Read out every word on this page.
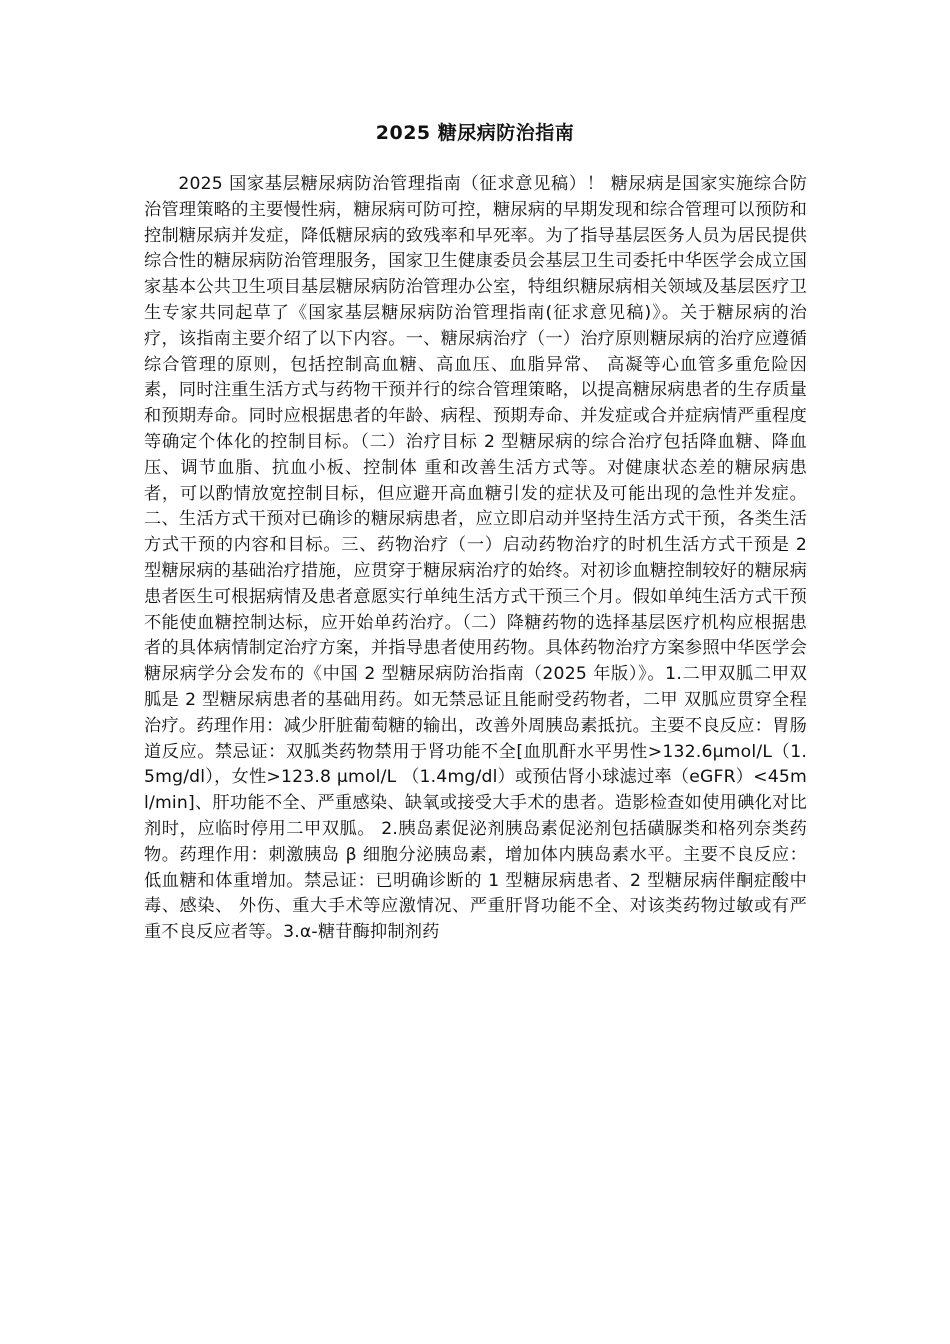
2025 糖尿病防治指南
2025 国家基层糖尿病防治管理指南（征求意见稿）！ 糖尿病是国家实施综合防治管理策略的主要慢性病，糖尿病可防可控，糖尿病的早期发现和综合管理可以预防和控制糖尿病并发症，降低糖尿病的致残率和早死率。为了指导基层医务人员为居民提供综合性的糖尿病防治管理服务，国家卫生健康委员会基层卫生司委托中华医学会成立国家基本公共卫生项目基层糖尿病防治管理办公室，特组织糖尿病相关领域及基层医疗卫生专家共同起草了《国家基层糖尿病防治管理指南(征求意见稿)》。关于糖尿病的治疗，该指南主要介绍了以下内容。一、糖尿病治疗（一）治疗原则糖尿病的治疗应遵循综合管理的原则，包括控制高血糖、高血压、血脂异常、 高凝等心血管多重危险因素，同时注重生活方式与药物干预并行的综合管理策略，以提高糖尿病患者的生存质量和预期寿命。同时应根据患者的年龄、病程、预期寿命、并发症或合并症病情严重程度等确定个体化的控制目标。（二）治疗目标 2 型糖尿病的综合治疗包括降血糖、降血压、调节血脂、抗血小板、控制体 重和改善生活方式等。对健康状态差的糖尿病患者，可以酌情放宽控制目标，但应避开高血糖引发的症状及可能出现的急性并发症。二、生活方式干预对已确诊的糖尿病患者，应立即启动并坚持生活方式干预，各类生活方式干预的内容和目标。三、药物治疗（一）启动药物治疗的时机生活方式干预是 2 型糖尿病的基础治疗措施，应贯穿于糖尿病治疗的始终。对初诊血糖控制较好的糖尿病患者医生可根据病情及患者意愿实行单纯生活方式干预三个月。假如单纯生活方式干预不能使血糖控制达标，应开始单药治疗。（二）降糖药物的选择基层医疗机构应根据患者的具体病情制定治疗方案，并指导患者使用药物。具体药物治疗方案参照中华医学会糖尿病学分会发布的《中国 2 型糖尿病防治指南（2025 年版）》。1.二甲双胍二甲双胍是 2 型糖尿病患者的基础用药。如无禁忌证且能耐受药物者，二甲 双胍应贯穿全程治疗。药理作用：减少肝脏葡萄糖的输出，改善外周胰岛素抵抗。主要不良反应：胃肠道反应。禁忌证：双胍类药物禁用于肾功能不全[血肌酐水平男性>132.6μmol/L（1.5mg/dl），女性>123.8 μmol/L （1.4mg/dl）或预估肾小球滤过率（eGFR）<45ml/min]、肝功能不全、严重感染、缺氧或接受大手术的患者。造影检查如使用碘化对比剂时，应临时停用二甲双胍。 2.胰岛素促泌剂胰岛素促泌剂包括磺脲类和格列奈类药物。药理作用：刺激胰岛 β 细胞分泌胰岛素，增加体内胰岛素水平。主要不良反应：低血糖和体重增加。禁忌证：已明确诊断的 1 型糖尿病患者、2 型糖尿病伴酮症酸中毒、感染、 外伤、重大手术等应激情况、严重肝肾功能不全、对该类药物过敏或有严重不良反应者等。3.α-糖苷酶抑制剂药
